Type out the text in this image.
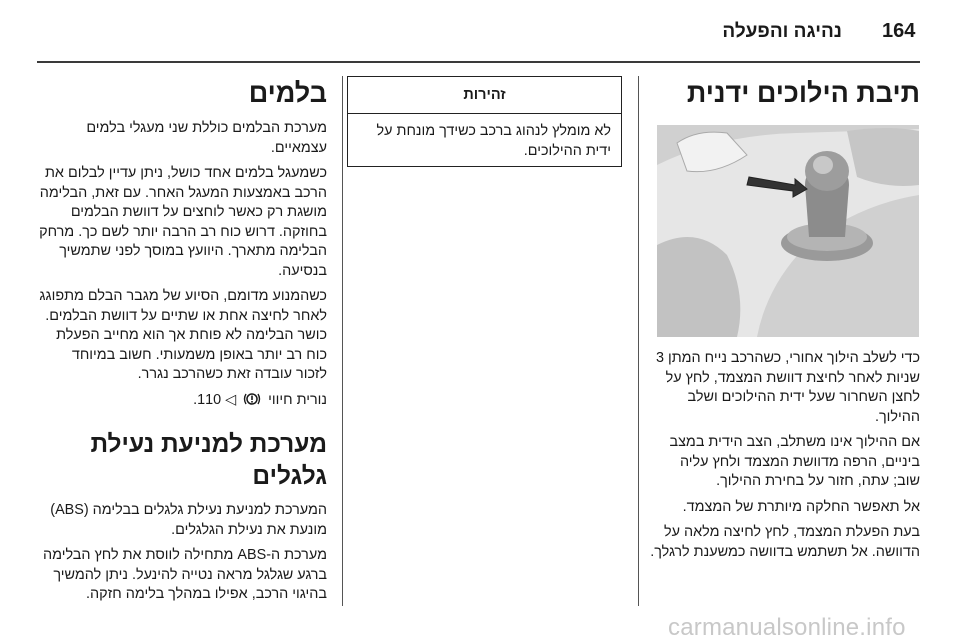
164
נהיגה והפעלה
תיבת הילוכים ידנית

כדי לשלב הילוך אחורי, כשהרכב נייח המתן 3 שניות לאחר לחיצת דוושת המצמד, לחץ על לחצן השחרור שעל ידית ההילוכים ושלב ההילוך.

אם ההילוך אינו משתלב, הצב הידית במצב ביניים, הרפה מדוושת המצמד ולחץ עליה שוב; עתה, חזור על בחירת ההילוך.

אל תאפשר החלקה מיותרת של המצמד.

בעת הפעלת המצמד, לחץ לחיצה מלאה על הדוושה. אל תשתמש בדוושה כמשענת לרגלך.

זהירות
לא מומלץ לנהוג ברכב כשידך מונחת על ידית ההילוכים.
בלמים

מערכת הבלמים כוללת שני מעגלי בלמים עצמאיים.

כשמעגל בלמים אחד כושל, ניתן עדיין לבלום את הרכב באמצעות המעגל האחר. עם זאת, הבלימה מושגת רק כאשר לוחצים על דוושת הבלמים בחוזקה. דרוש כוח רב הרבה יותר לשם כך. מרחק הבלימה מתארך. היוועץ במוסך לפני שתמשיך בנסיעה.

כשהמנוע מדומם, הסיוע של מגבר הבלם מתפוגג לאחר לחיצה אחת או שתיים על דוושת הבלמים. כושר הבלימה לא פוחת אך הוא מחייב הפעלת כוח רב יותר באופן משמעותי. חשוב במיוחד לזכור עובדה זאת כשהרכב נגרר.

נורית חיווי  ◁ 110.

מערכת למניעת נעילת גלגלים

המערכת למניעת נעילת גלגלים בבלימה (ABS) מונעת את נעילת הגלגלים.

מערכת ה-ABS מתחילה לווסת את לחץ הבלימה ברגע שגלגל מראה נטייה להינעל. ניתן להמשיך בהיגוי הרכב, אפילו במהלך בלימה חזקה.

carmanualsonline.info
